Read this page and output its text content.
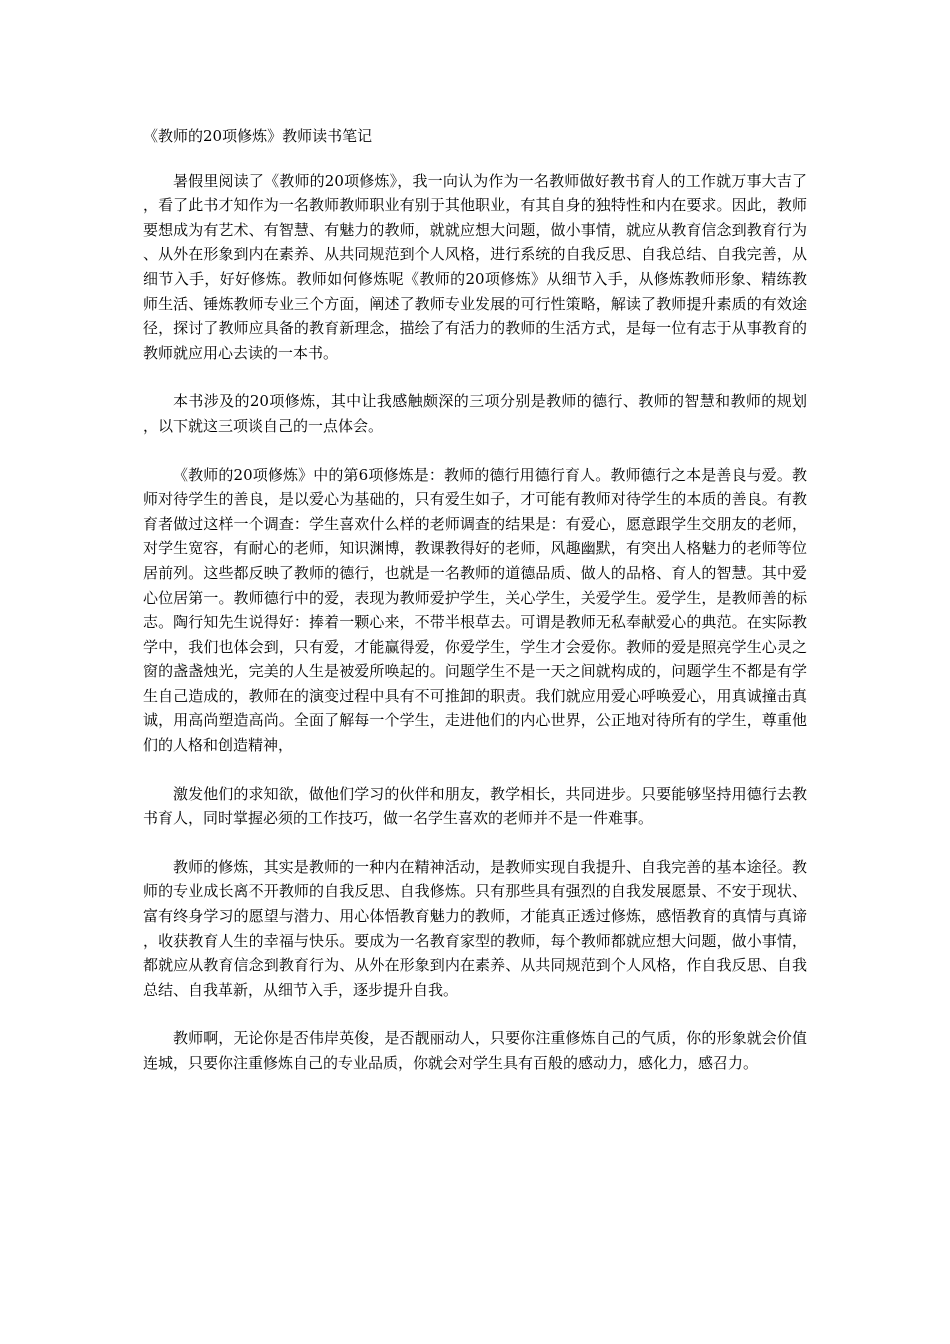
《教师的20项修炼》教师读书笔记

暑假里阅读了《教师的20项修炼》，我一向认为作为一名教师做好教书育人的工作就万事大吉了，看了此书才知作为一名教师教师职业有别于其他职业，有其自身的独特性和内在要求。因此，教师要想成为有艺术、有智慧、有魅力的教师，就就应想大问题，做小事情，就应从教育信念到教育行为、从外在形象到内在素养、从共同规范到个人风格，进行系统的自我反思、自我总结、自我完善，从细节入手，好好修炼。教师如何修炼呢《教师的20项修炼》从细节入手，从修炼教师形象、精练教师生活、锤炼教师专业三个方面，阐述了教师专业发展的可行性策略，解读了教师提升素质的有效途径，探讨了教师应具备的教育新理念，描绘了有活力的教师的生活方式，是每一位有志于从事教育的教师就应用心去读的一本书。

本书涉及的20项修炼，其中让我感触颇深的三项分别是教师的德行、教师的智慧和教师的规划，以下就这三项谈自己的一点体会。

《教师的20项修炼》中的第6项修炼是：教师的德行用德行育人。教师德行之本是善良与爱。教师对待学生的善良，是以爱心为基础的，只有爱生如子，才可能有教师对待学生的本质的善良。有教育者做过这样一个调查：学生喜欢什么样的老师调查的结果是：有爱心，愿意跟学生交朋友的老师，对学生宽容，有耐心的老师，知识渊博，教课教得好的老师，风趣幽默，有突出人格魅力的老师等位居前列。这些都反映了教师的德行，也就是一名教师的道德品质、做人的品格、育人的智慧。其中爱心位居第一。教师德行中的爱，表现为教师爱护学生，关心学生，关爱学生。爱学生，是教师善的标志。陶行知先生说得好：捧着一颗心来，不带半根草去。可谓是教师无私奉献爱心的典范。在实际教学中，我们也体会到，只有爱，才能赢得爱，你爱学生，学生才会爱你。教师的爱是照亮学生心灵之窗的盏盏烛光，完美的人生是被爱所唤起的。问题学生不是一天之间就构成的，问题学生不都是有学生自己造成的，教师在的演变过程中具有不可推卸的职责。我们就应用爱心呼唤爱心，用真诚撞击真诚，用高尚塑造高尚。全面了解每一个学生，走进他们的内心世界，公正地对待所有的学生，尊重他们的人格和创造精神，

激发他们的求知欲，做他们学习的伙伴和朋友，教学相长，共同进步。只要能够坚持用德行去教书育人，同时掌握必须的工作技巧，做一名学生喜欢的老师并不是一件难事。

教师的修炼，其实是教师的一种内在精神活动，是教师实现自我提升、自我完善的基本途径。教师的专业成长离不开教师的自我反思、自我修炼。只有那些具有强烈的自我发展愿景、不安于现状、富有终身学习的愿望与潜力、用心体悟教育魅力的教师，才能真正透过修炼，感悟教育的真情与真谛，收获教育人生的幸福与快乐。要成为一名教育家型的教师，每个教师都就应想大问题，做小事情，都就应从教育信念到教育行为、从外在形象到内在素养、从共同规范到个人风格，作自我反思、自我总结、自我革新，从细节入手，逐步提升自我。

教师啊，无论你是否伟岸英俊，是否靓丽动人，只要你注重修炼自己的气质，你的形象就会价值连城，只要你注重修炼自己的专业品质，你就会对学生具有百般的感动力，感化力，感召力。
